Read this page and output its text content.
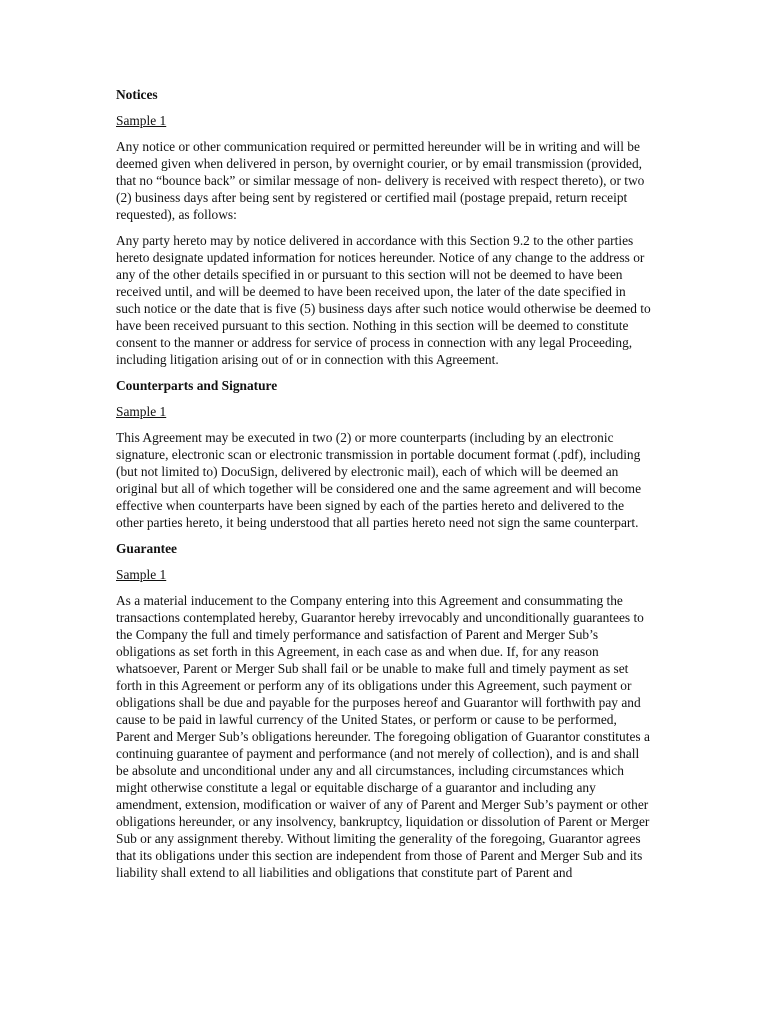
Notices
Sample 1

Any notice or other communication required or permitted hereunder will be in writing and will be deemed given when delivered in person, by overnight courier, or by email transmission (provided, that no “bounce back” or similar message of non- delivery is received with respect thereto), or two (2) business days after being sent by registered or certified mail (postage prepaid, return receipt requested), as follows:

Any party hereto may by notice delivered in accordance with this Section 9.2 to the other parties hereto designate updated information for notices hereunder. Notice of any change to the address or any of the other details specified in or pursuant to this section will not be deemed to have been received until, and will be deemed to have been received upon, the later of the date specified in such notice or the date that is five (5) business days after such notice would otherwise be deemed to have been received pursuant to this section. Nothing in this section will be deemed to constitute consent to the manner or address for service of process in connection with any legal Proceeding, including litigation arising out of or in connection with this Agreement.

Counterparts and Signature
Sample 1

This Agreement may be executed in two (2) or more counterparts (including by an electronic signature, electronic scan or electronic transmission in portable document format (.pdf), including (but not limited to) DocuSign, delivered by electronic mail), each of which will be deemed an original but all of which together will be considered one and the same agreement and will become effective when counterparts have been signed by each of the parties hereto and delivered to the other parties hereto, it being understood that all parties hereto need not sign the same counterpart.

Guarantee
Sample 1

As a material inducement to the Company entering into this Agreement and consummating the transactions contemplated hereby, Guarantor hereby irrevocably and unconditionally guarantees to the Company the full and timely performance and satisfaction of Parent and Merger Sub’s obligations as set forth in this Agreement, in each case as and when due. If, for any reason whatsoever, Parent or Merger Sub shall fail or be unable to make full and timely payment as set forth in this Agreement or perform any of its obligations under this Agreement, such payment or obligations shall be due and payable for the purposes hereof and Guarantor will forthwith pay and cause to be paid in lawful currency of the United States, or perform or cause to be performed, Parent and Merger Sub’s obligations hereunder. The foregoing obligation of Guarantor constitutes a continuing guarantee of payment and performance (and not merely of collection), and is and shall be absolute and unconditional under any and all circumstances, including circumstances which might otherwise constitute a legal or equitable discharge of a guarantor and including any amendment, extension, modification or waiver of any of Parent and Merger Sub’s payment or other obligations hereunder, or any insolvency, bankruptcy, liquidation or dissolution of Parent or Merger Sub or any assignment thereby. Without limiting the generality of the foregoing, Guarantor agrees that its obligations under this section are independent from those of Parent and Merger Sub and its liability shall extend to all liabilities and obligations that constitute part of Parent and
